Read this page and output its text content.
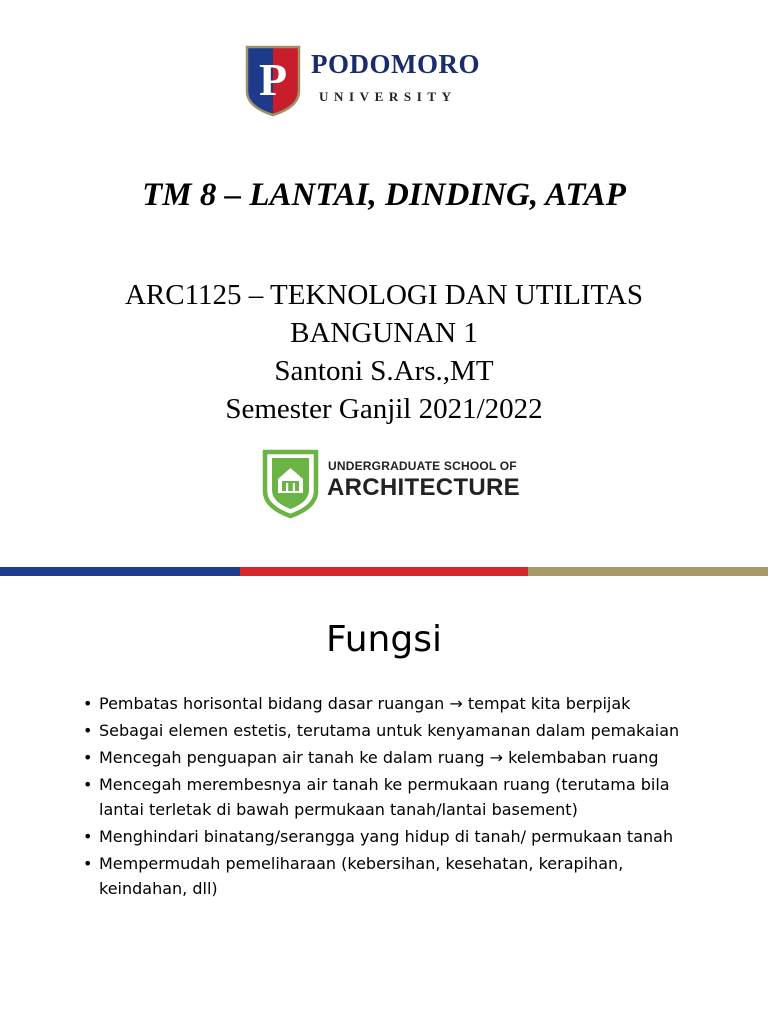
P PODOMORO
UNIVERSITY
TM 8 – LANTAI, DINDING, ATAP
ARC1125 – TEKNOLOGI DAN UTILITAS
BANGUNAN 1
Santoni S.Ars.,MT
Semester Ganjil 2021/2022
UNDERGRADUATE SCHOOL OF
ARCHITECTURE
Fungsi
• Pembatas horisontal bidang dasar ruangan → tempat kita berpijak
• Sebagai elemen estetis, terutama untuk kenyamanan dalam pemakaian
• Mencegah penguapan air tanah ke dalam ruang → kelembaban ruang
• Mencegah merembesnya air tanah ke permukaan ruang (terutama bila lantai terletak di bawah permukaan tanah/lantai basement)
• Menghindari binatang/serangga yang hidup di tanah/ permukaan tanah
• Mempermudah pemeliharaan (kebersihan, kesehatan, kerapihan, keindahan, dll)
